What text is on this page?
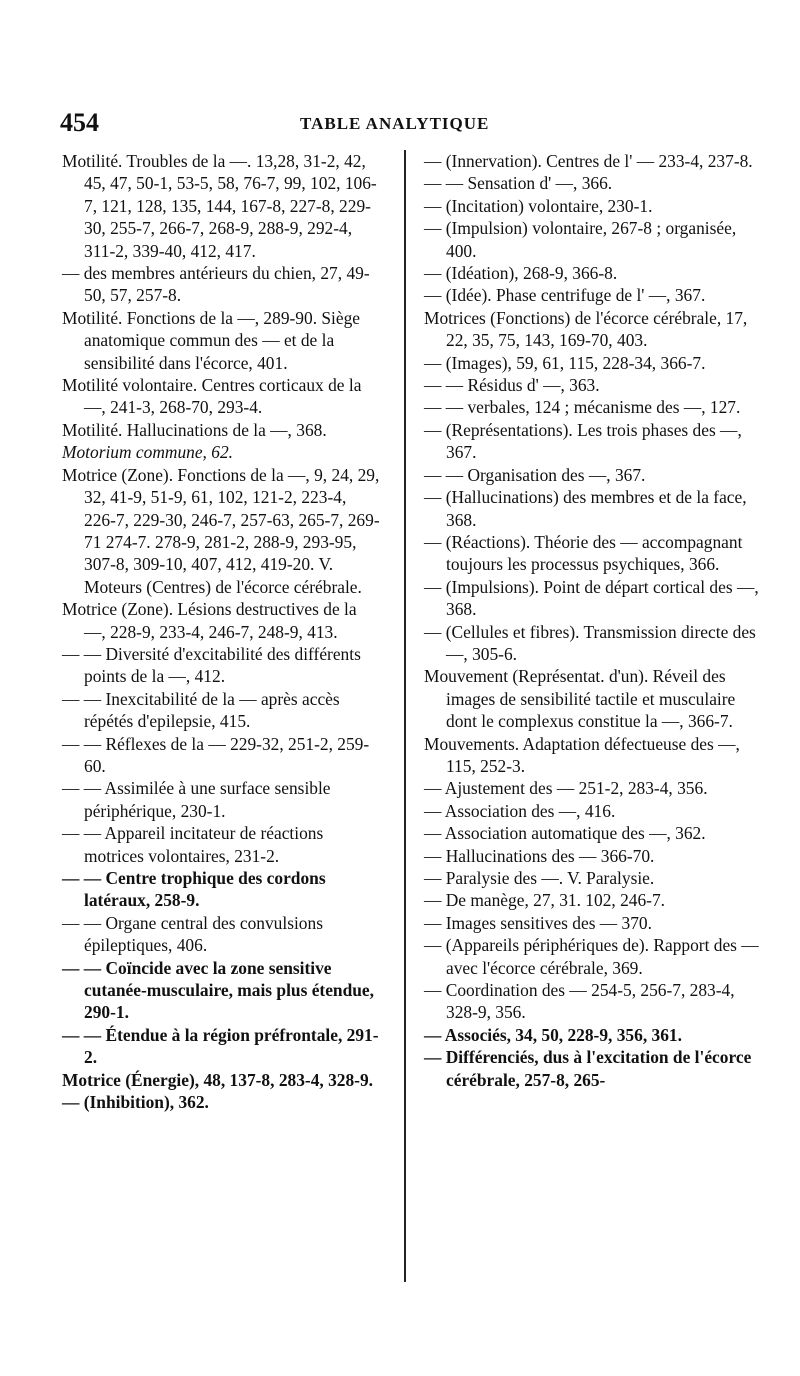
454	TABLE ANALYTIQUE

Motilité. Troubles de la —. 13,28, 31-2, 42, 45, 47, 50-1, 53-5, 58, 76-7, 99, 102, 106-7, 121, 128, 135, 144, 167-8, 227-8, 229-30, 255-7, 266-7, 268-9, 288-9, 292-4, 311-2, 339-40, 412, 417.

— des membres antérieurs du chien, 27, 49-50, 57, 257-8.

Motilité. Fonctions de la —, 289-90. Siège anatomique commun des — et de la sensibilité dans l'écorce, 401.

Motilité volontaire. Centres corticaux de la —, 241-3, 268-70, 293-4.

Motilité. Hallucinations de la —, 368.

Motorium commune, 62.

Motrice (Zone). Fonctions de la —, 9, 24, 29, 32, 41-9, 51-9, 61, 102, 121-2, 223-4, 226-7, 229-30, 246-7, 257-63, 265-7, 269-71 274-7. 278-9, 281-2, 288-9, 293-95, 307-8, 309-10, 407, 412, 419-20. V. Moteurs (Centres) de l'écorce cérébrale.

Motrice (Zone). Lésions destructives de la —, 228-9, 233-4, 246-7, 248-9, 413.

— — Diversité d'excitabilité des différents points de la —, 412.

— — Inexcitabilité de la — après accès répétés d'epilepsie, 415.

— — Réflexes de la — 229-32, 251-2, 259-60.

— — Assimilée à une surface sensible périphérique, 230-1.

— — Appareil incitateur de réactions motrices volontaires, 231-2.

— — Centre trophique des cordons latéraux, 258-9.

— — Organe central des convulsions épileptiques, 406.

— — Coïncide avec la zone sensitive cutanée-musculaire, mais plus étendue, 290-1.

— — Étendue à la région préfrontale, 291-2.

Motrice (Énergie), 48, 137-8, 283-4, 328-9.

— (Inhibition), 362.

— (Innervation). Centres de l' — 233-4, 237-8.

— — Sensation d' —, 366.

— (Incitation) volontaire, 230-1.

— (Impulsion) volontaire, 267-8 ; organisée, 400.

— (Idéation), 268-9, 366-8.

— (Idée). Phase centrifuge de l' —, 367.

Motrices (Fonctions) de l'écorce cérébrale, 17, 22, 35, 75, 143, 169-70, 403.

— (Images), 59, 61, 115, 228-34, 366-7.

— — Résidus d' —, 363.

— — verbales, 124 ; mécanisme des —, 127.

— (Représentations). Les trois phases des —, 367.

— — Organisation des —, 367.

— (Hallucinations) des membres et de la face, 368.

— (Réactions). Théorie des — accompagnant toujours les processus psychiques, 366.

— (Impulsions). Point de départ cortical des —, 368.

— (Cellules et fibres). Transmission directe des —, 305-6.

Mouvement (Représentat. d'un). Réveil des images de sensibilité tactile et musculaire dont le complexus constitue la —, 366-7.

Mouvements. Adaptation défectueuse des —, 115, 252-3.

— Ajustement des — 251-2, 283-4, 356.

— Association des —, 416.

— Association automatique des —, 362.

— Hallucinations des — 366-70.

— Paralysie des —. V. Paralysie.

— De manège, 27, 31. 102, 246-7.

— Images sensitives des — 370.

— (Appareils périphériques de). Rapport des — avec l'écorce cérébrale, 369.

— Coordination des — 254-5, 256-7, 283-4, 328-9, 356.

— Associés, 34, 50, 228-9, 356, 361.

— Différenciés, dus à l'excitation de l'écorce cérébrale, 257-8, 265-
